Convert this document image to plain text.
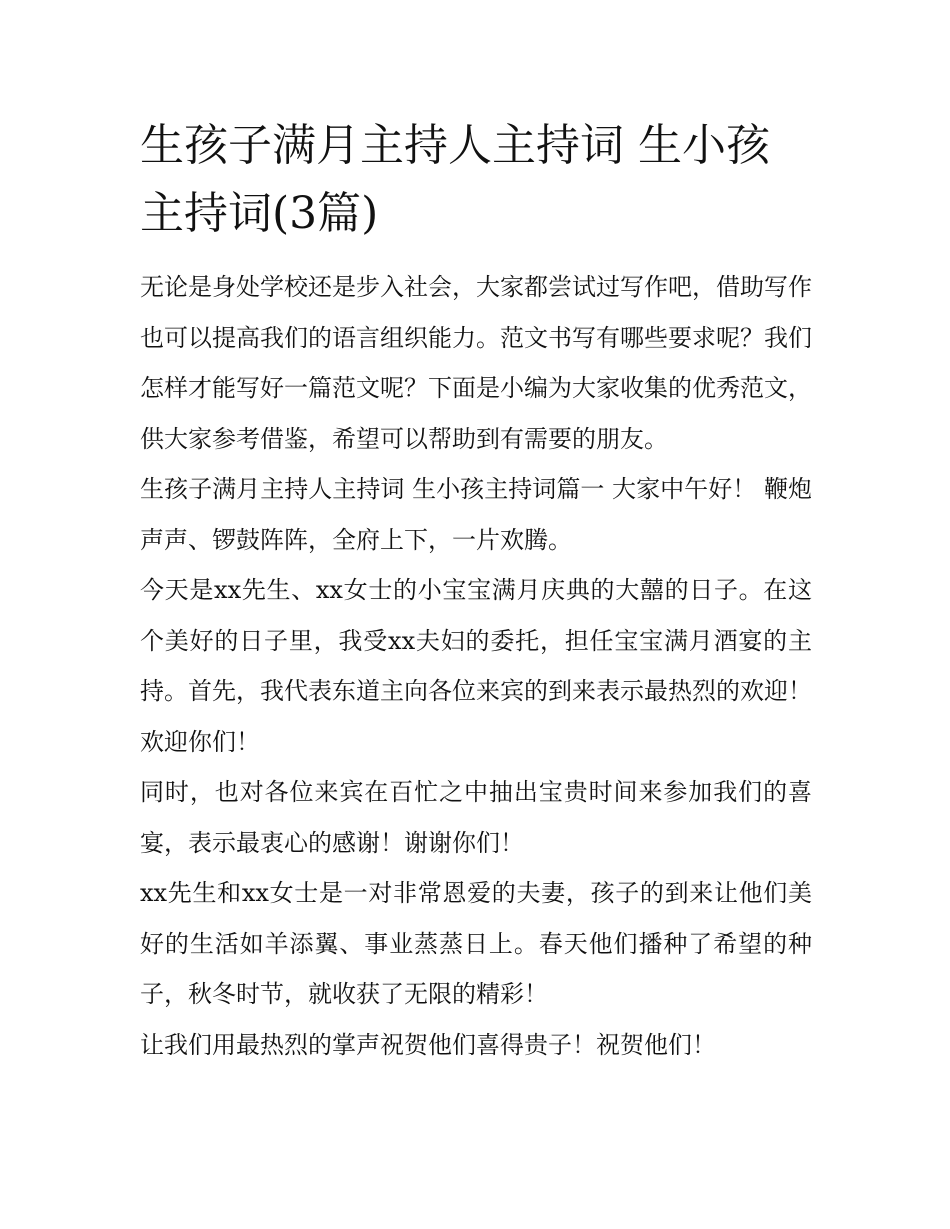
生孩子满月主持人主持词 生小孩主持词(3篇)

无论是身处学校还是步入社会，大家都尝试过写作吧，借助写作也可以提高我们的语言组织能力。范文书写有哪些要求呢？我们怎样才能写好一篇范文呢？下面是小编为大家收集的优秀范文，供大家参考借鉴，希望可以帮助到有需要的朋友。

生孩子满月主持人主持词 生小孩主持词篇一 大家中午好！ 鞭炮声声、锣鼓阵阵，全府上下，一片欢腾。

今天是xx先生、xx女士的小宝宝满月庆典的大囍的日子。在这个美好的日子里，我受xx夫妇的委托，担任宝宝满月酒宴的主持。首先，我代表东道主向各位来宾的到来表示最热烈的欢迎！欢迎你们！

同时，也对各位来宾在百忙之中抽出宝贵时间来参加我们的喜宴，表示最衷心的感谢！谢谢你们！

xx先生和xx女士是一对非常恩爱的夫妻，孩子的到来让他们美好的生活如羊添翼、事业蒸蒸日上。春天他们播种了希望的种子，秋冬时节，就收获了无限的精彩！

让我们用最热烈的掌声祝贺他们喜得贵子！祝贺他们！
